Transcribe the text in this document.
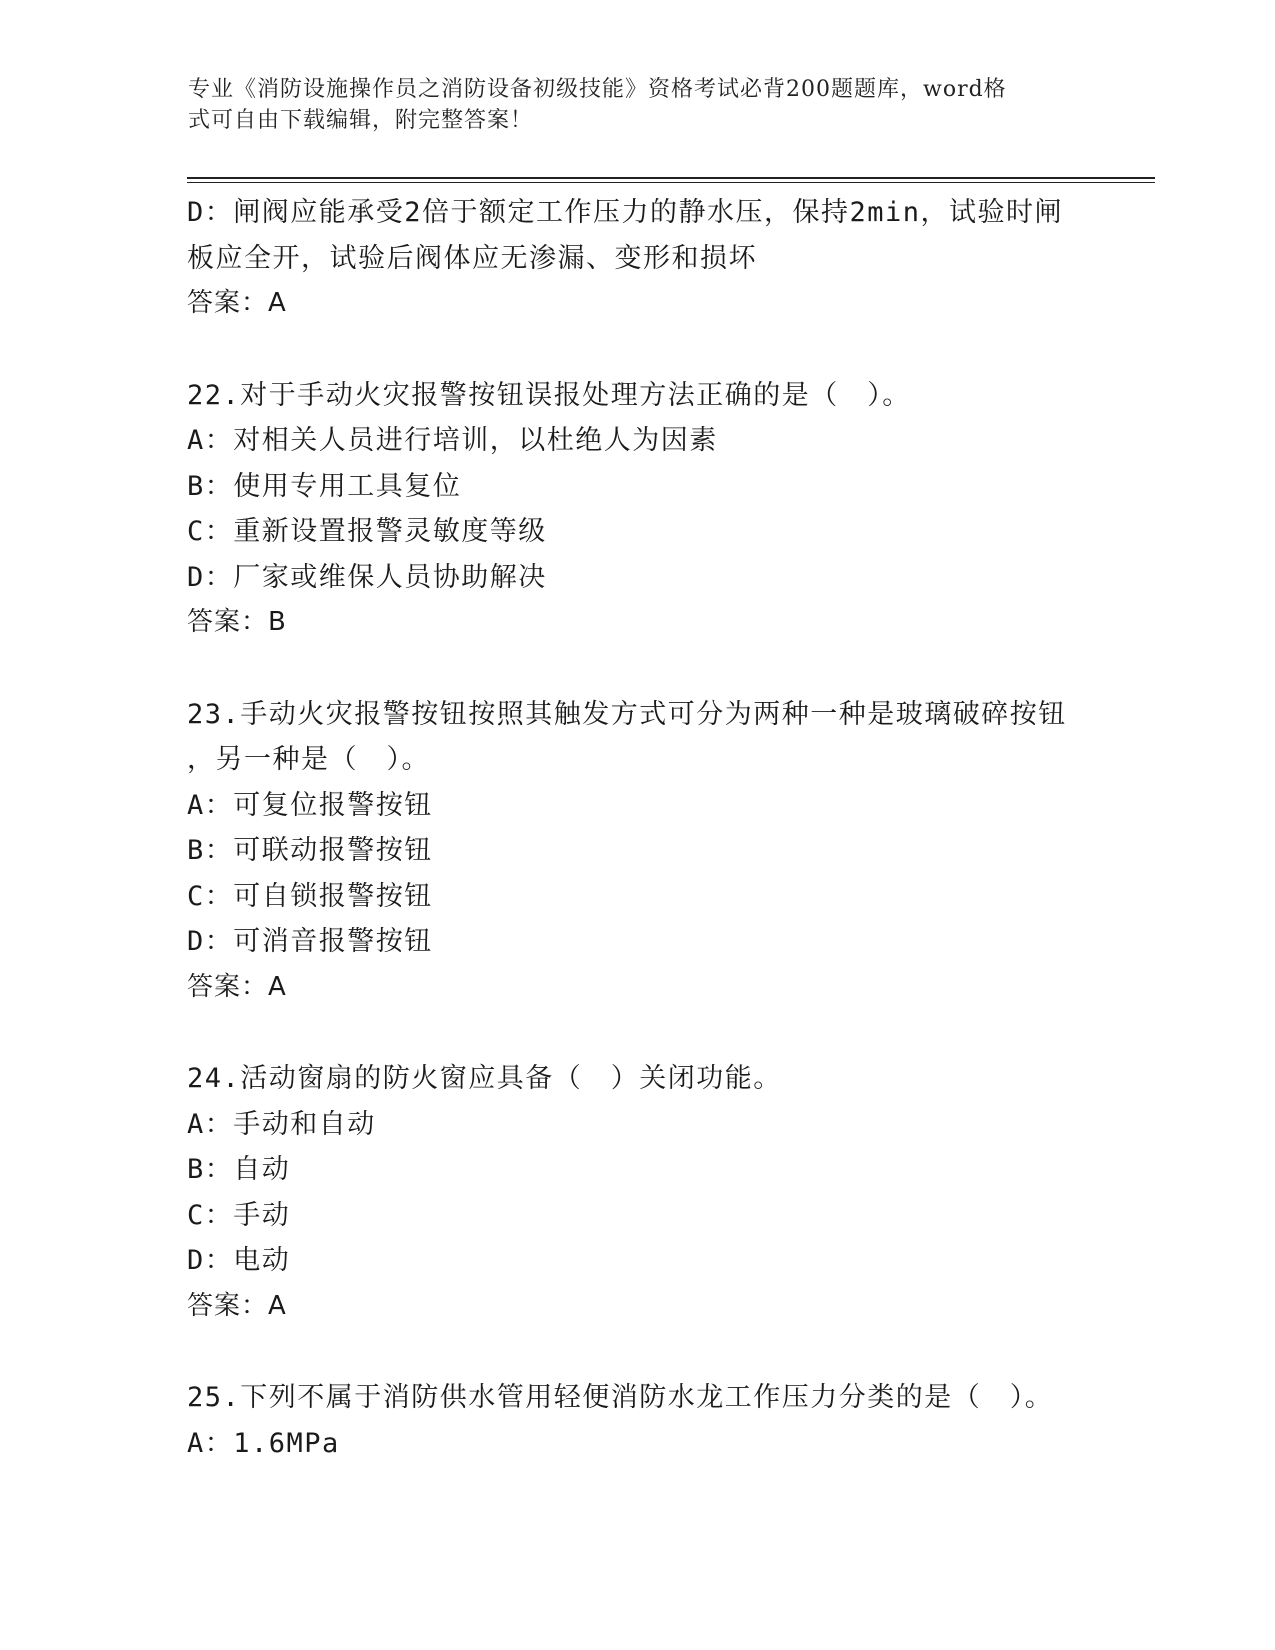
专业《消防设施操作员之消防设备初级技能》资格考试必背200题题库，word格
式可自由下载编辑，附完整答案！
D：闸阀应能承受2倍于额定工作压力的静水压，保持2min，试验时闸
板应全开，试验后阀体应无渗漏、变形和损坏
答案：A
22.对于手动火灾报警按钮误报处理方法正确的是（　）。
A：对相关人员进行培训，以杜绝人为因素
B：使用专用工具复位
C：重新设置报警灵敏度等级
D：厂家或维保人员协助解决
答案：B
23.手动火灾报警按钮按照其触发方式可分为两种一种是玻璃破碎按钮
，另一种是（　）。
A：可复位报警按钮
B：可联动报警按钮
C：可自锁报警按钮
D：可消音报警按钮
答案：A
24.活动窗扇的防火窗应具备（　）关闭功能。
A：手动和自动
B：自动
C：手动
D：电动
答案：A
25.下列不属于消防供水管用轻便消防水龙工作压力分类的是（　）。
A：1.6MPa
